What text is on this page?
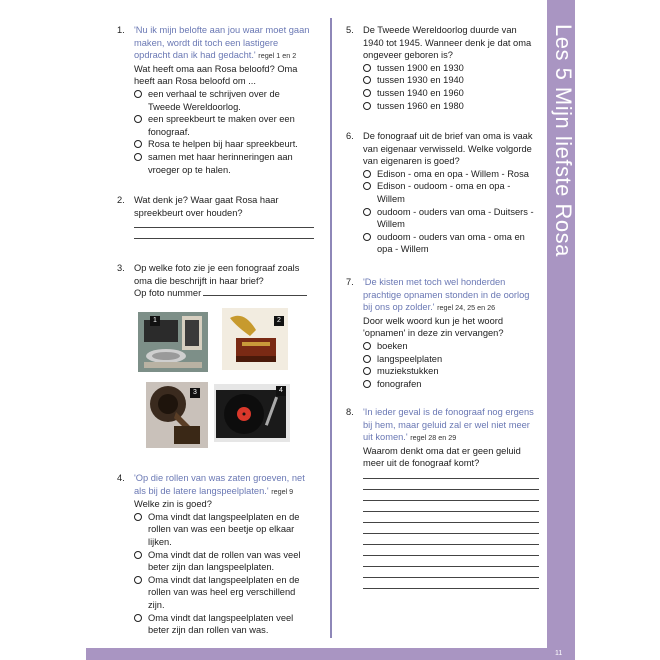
Les 5 Mijn liefste Rosa
11
1. 'Nu ik mijn belofte aan jou waar moet gaan maken, wordt dit toch een lastigere opdracht dan ik had gedacht.' regel 1 en 2
Wat heeft oma aan Rosa beloofd? Oma heeft aan Rosa beloofd om ...
een verhaal te schrijven over de Tweede Wereldoorlog.
een spreekbeurt te maken over een fonograaf.
Rosa te helpen bij haar spreekbeurt.
samen met haar herinneringen aan vroeger op te halen.
2. Wat denk je? Waar gaat Rosa haar spreekbeurt over houden?
3. Op welke foto zie je een fonograaf zoals oma die beschrijft in haar brief?
Op foto nummer
1	2
3	4
4. 'Op die rollen van was zaten groeven, net als bij de latere langspeelplaten.' regel 9
Welke zin is goed?
Oma vindt dat langspeelplaten en de rollen van was een beetje op elkaar lijken.
Oma vindt dat de rollen van was veel beter zijn dan langspeelplaten.
Oma vindt dat langspeelplaten en de rollen van was heel erg verschillend zijn.
Oma vindt dat langspeelplaten veel beter zijn dan rollen van was.
5. De Tweede Wereldoorlog duurde van 1940 tot 1945. Wanneer denk je dat oma ongeveer geboren is?
tussen 1900 en 1930
tussen 1930 en 1940
tussen 1940 en 1960
tussen 1960 en 1980
6. De fonograaf uit de brief van oma is vaak van eigenaar verwisseld. Welke volgorde van eigenaren is goed?
Edison - oma en opa - Willem - Rosa
Edison - oudoom - oma en opa - Willem
oudoom - ouders van oma - Duitsers - Willem
oudoom - ouders van oma - oma en opa - Willem
7. 'De kisten met toch wel honderden prachtige opnamen stonden in de oorlog bij ons op zolder.' regel 24, 25 en 26
Door welk woord kun je het woord 'opnamen' in deze zin vervangen?
boeken
langspeelplaten
muziekstukken
fonografen
8. 'In ieder geval is de fonograaf nog ergens bij hem, maar geluid zal er wel niet meer uit komen.' regel 28 en 29
Waarom denkt oma dat er geen geluid meer uit de fonograaf komt?
